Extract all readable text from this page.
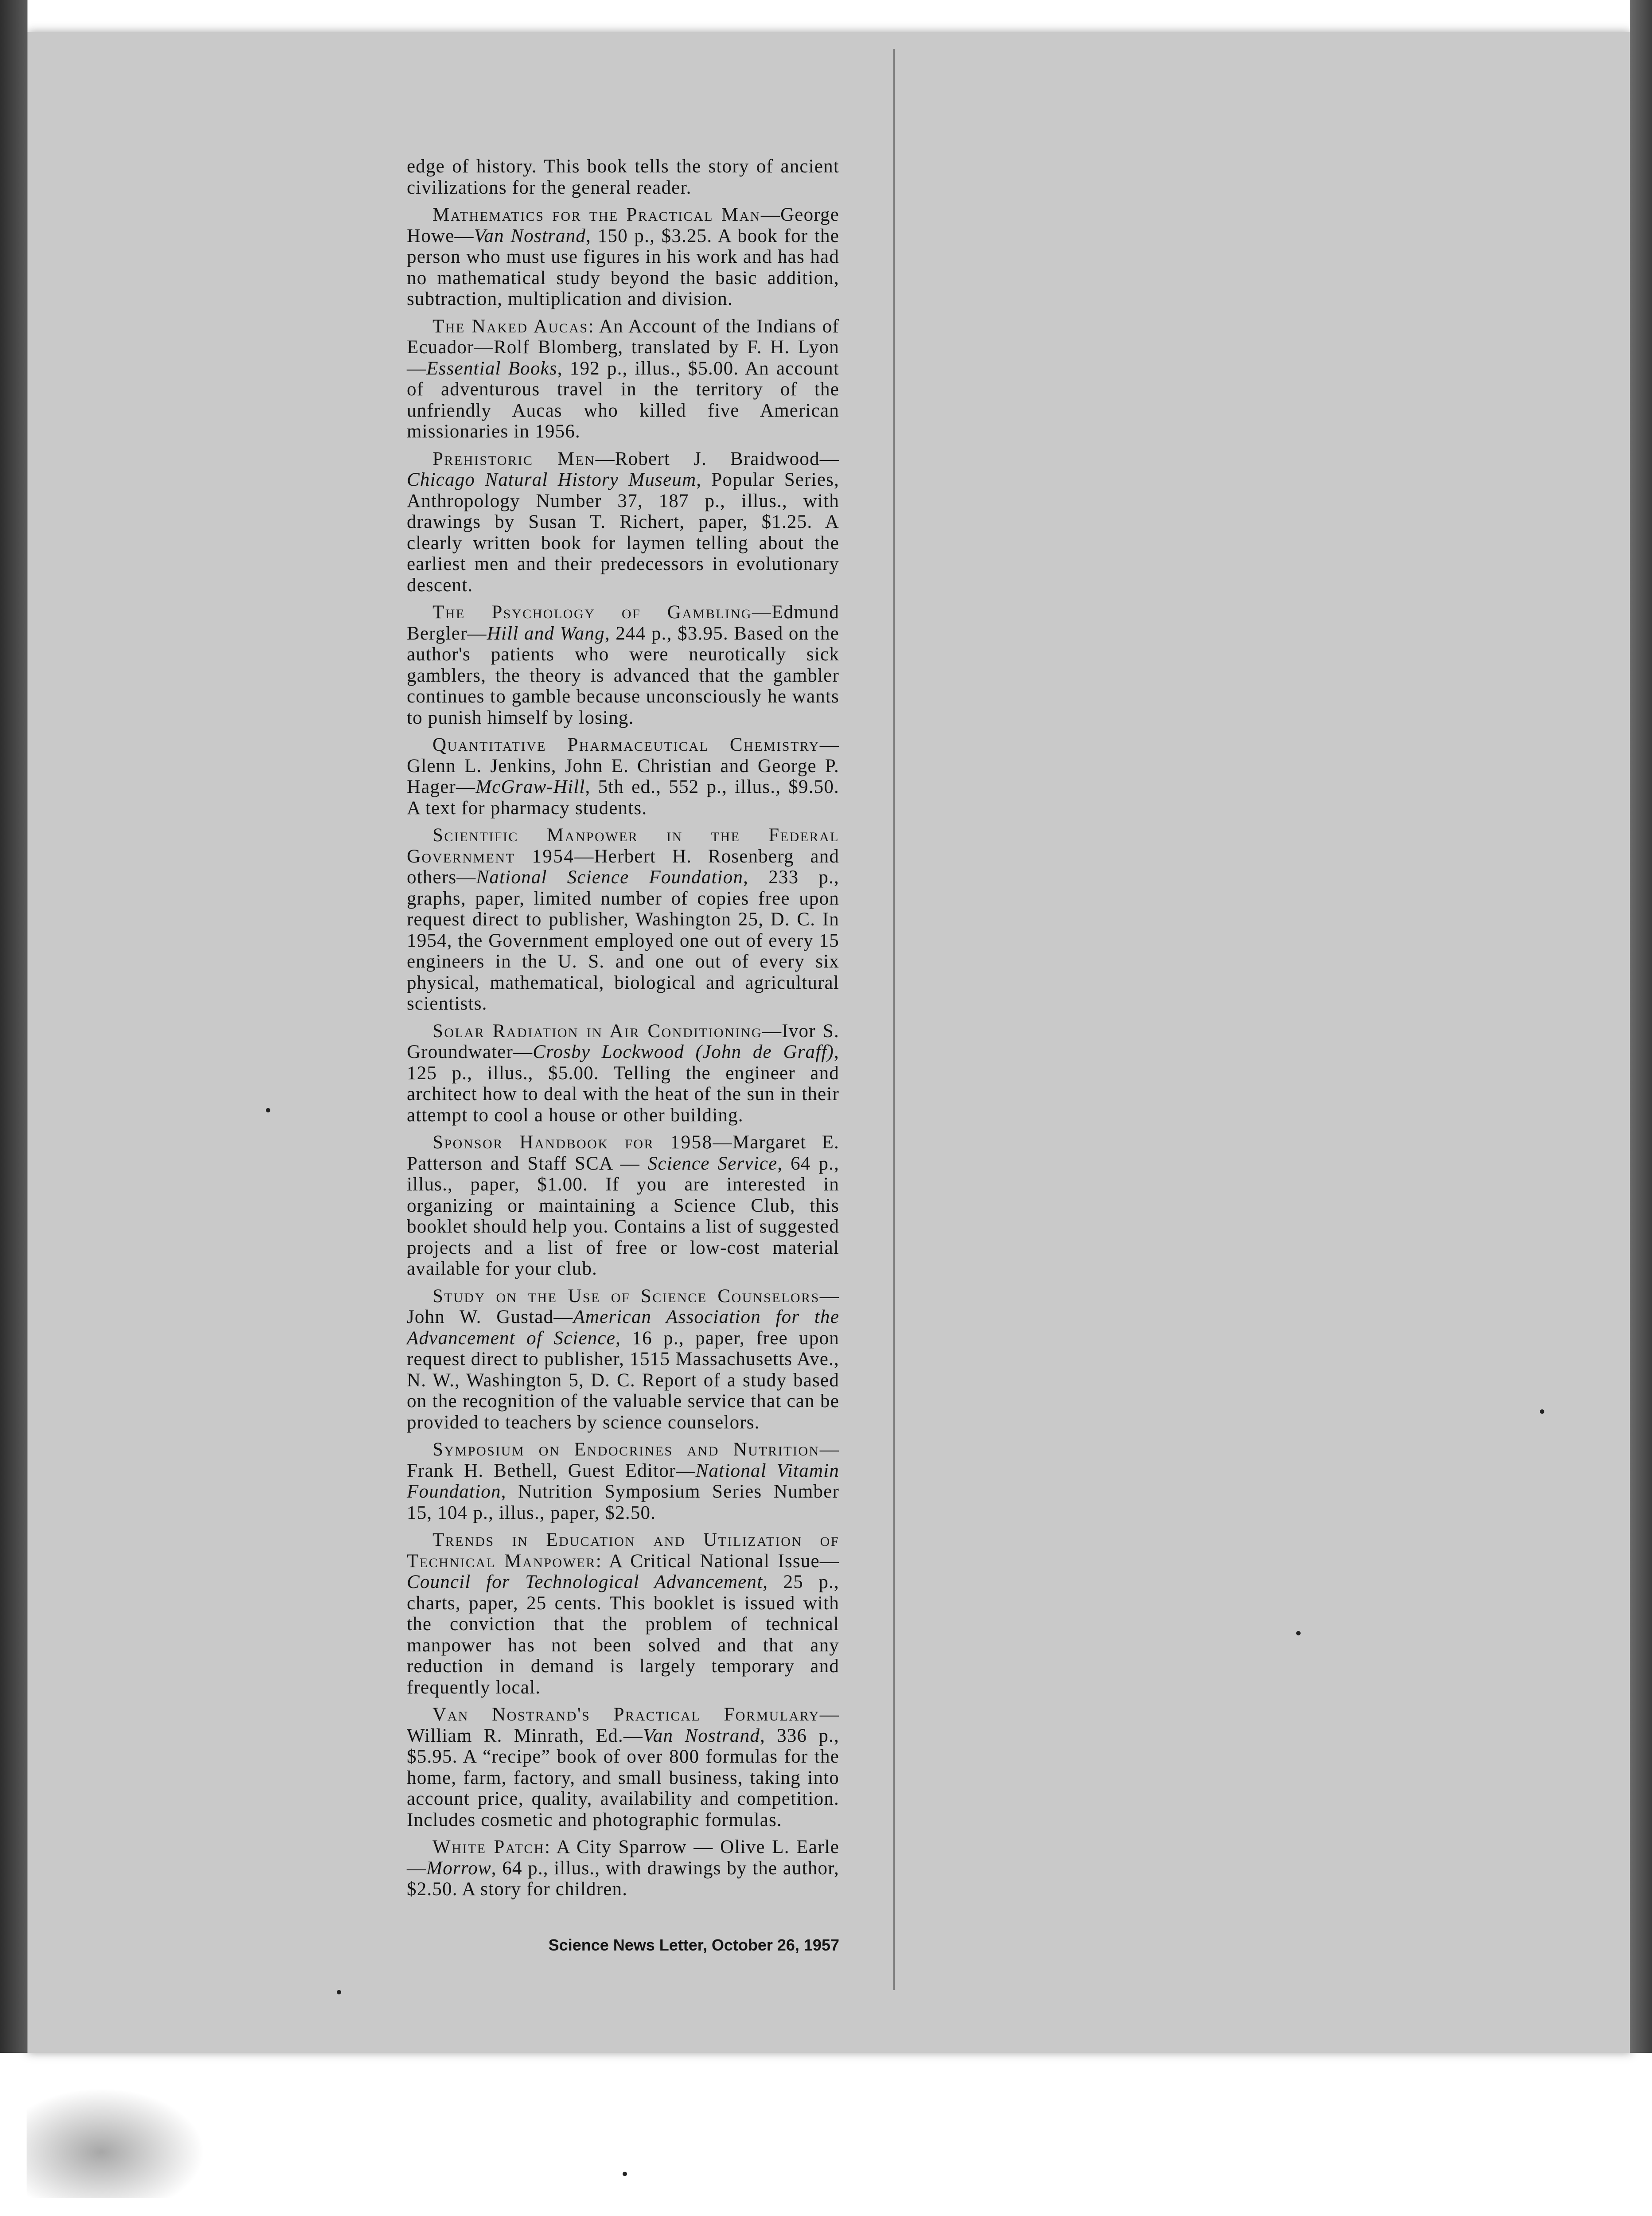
edge of history. This book tells the story of ancient civilizations for the general reader.

Mathematics for the Practical Man—George Howe—Van Nostrand, 150 p., $3.25. A book for the person who must use figures in his work and has had no mathematical study beyond the basic addition, subtraction, multiplication and division.

The Naked Aucas: An Account of the Indians of Ecuador—Rolf Blomberg, translated by F. H. Lyon—Essential Books, 192 p., illus., $5.00. An account of adventurous travel in the territory of the unfriendly Aucas who killed five American missionaries in 1956.

Prehistoric Men—Robert J. Braidwood—Chicago Natural History Museum, Popular Series, Anthropology Number 37, 187 p., illus., with drawings by Susan T. Richert, paper, $1.25. A clearly written book for laymen telling about the earliest men and their predecessors in evolutionary descent.

The Psychology of Gambling—Edmund Bergler—Hill and Wang, 244 p., $3.95. Based on the author's patients who were neurotically sick gamblers, the theory is advanced that the gambler continues to gamble because unconsciously he wants to punish himself by losing.

Quantitative Pharmaceutical Chemistry—Glenn L. Jenkins, John E. Christian and George P. Hager—McGraw-Hill, 5th ed., 552 p., illus., $9.50. A text for pharmacy students.

Scientific Manpower in the Federal Government 1954—Herbert H. Rosenberg and others—National Science Foundation, 233 p., graphs, paper, limited number of copies free upon request direct to publisher, Washington 25, D. C. In 1954, the Government employed one out of every 15 engineers in the U. S. and one out of every six physical, mathematical, biological and agricultural scientists.

Solar Radiation in Air Conditioning—Ivor S. Groundwater—Crosby Lockwood (John de Graff), 125 p., illus., $5.00. Telling the engineer and architect how to deal with the heat of the sun in their attempt to cool a house or other building.

Sponsor Handbook for 1958—Margaret E. Patterson and Staff SCA — Science Service, 64 p., illus., paper, $1.00. If you are interested in organizing or maintaining a Science Club, this booklet should help you. Contains a list of suggested projects and a list of free or low-cost material available for your club.

Study on the Use of Science Counselors—John W. Gustad—American Association for the Advancement of Science, 16 p., paper, free upon request direct to publisher, 1515 Massachusetts Ave., N. W., Washington 5, D. C. Report of a study based on the recognition of the valuable service that can be provided to teachers by science counselors.

Symposium on Endocrines and Nutrition—Frank H. Bethell, Guest Editor—National Vitamin Foundation, Nutrition Symposium Series Number 15, 104 p., illus., paper, $2.50.

Trends in Education and Utilization of Technical Manpower: A Critical National Issue—Council for Technological Advancement, 25 p., charts, paper, 25 cents. This booklet is issued with the conviction that the problem of technical manpower has not been solved and that any reduction in demand is largely temporary and frequently local.

Van Nostrand's Practical Formulary—William R. Minrath, Ed.—Van Nostrand, 336 p., $5.95. A “recipe” book of over 800 formulas for the home, farm, factory, and small business, taking into account price, quality, availability and competition. Includes cosmetic and photographic formulas.

White Patch: A City Sparrow — Olive L. Earle—Morrow, 64 p., illus., with drawings by the author, $2.50. A story for children.

Science News Letter, October 26, 1957
